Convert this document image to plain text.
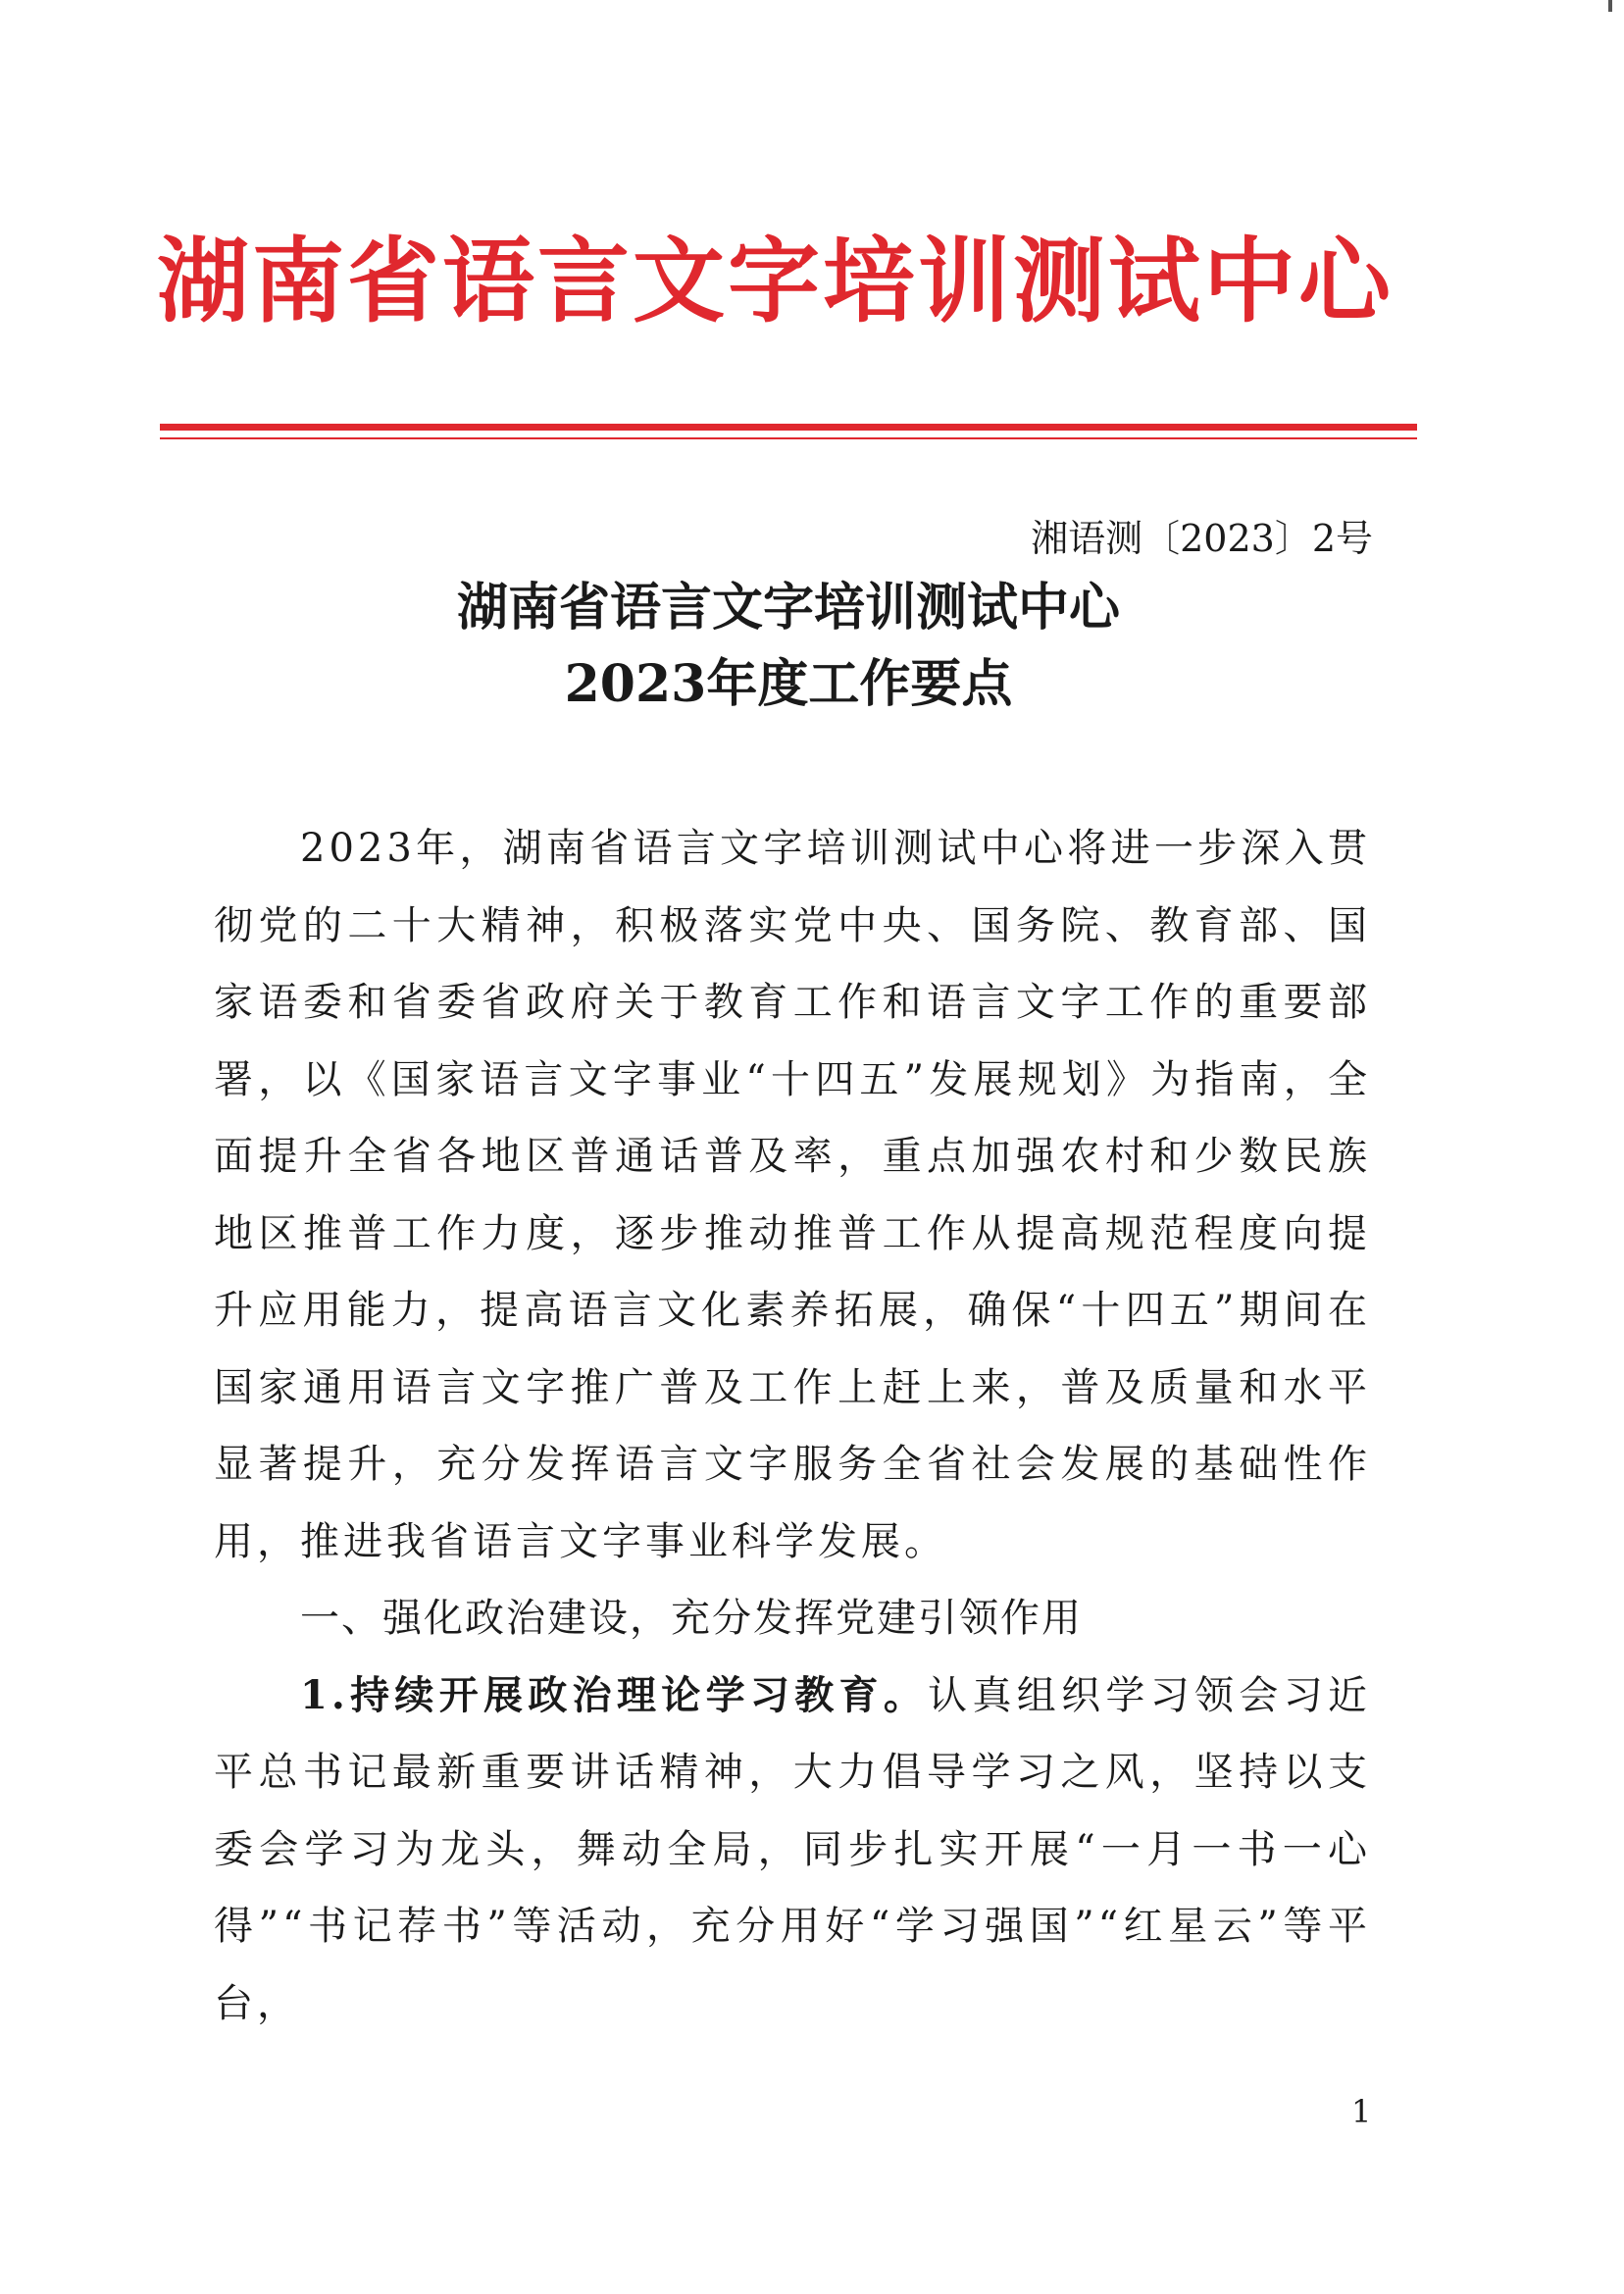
湖南省语言文字培训测试中心
湘语测〔2023〕2号
湖南省语言文字培训测试中心
2023年度工作要点

2023年，湖南省语言文字培训测试中心将进一步深入贯彻党的二十大精神，积极落实党中央、国务院、教育部、国家语委和省委省政府关于教育工作和语言文字工作的重要部署，以《国家语言文字事业“十四五”发展规划》为指南，全面提升全省各地区普通话普及率，重点加强农村和少数民族地区推普工作力度，逐步推动推普工作从提高规范程度向提升应用能力，提高语言文化素养拓展，确保“十四五”期间在国家通用语言文字推广普及工作上赶上来，普及质量和水平显著提升，充分发挥语言文字服务全省社会发展的基础性作用，推进我省语言文字事业科学发展。

一、强化政治建设，充分发挥党建引领作用

1.持续开展政治理论学习教育。认真组织学习领会习近平总书记最新重要讲话精神，大力倡导学习之风，坚持以支委会学习为龙头，舞动全局，同步扎实开展“一月一书一心得”“书记荐书”等活动，充分用好“学习强国”“红星云”等平台，

1
